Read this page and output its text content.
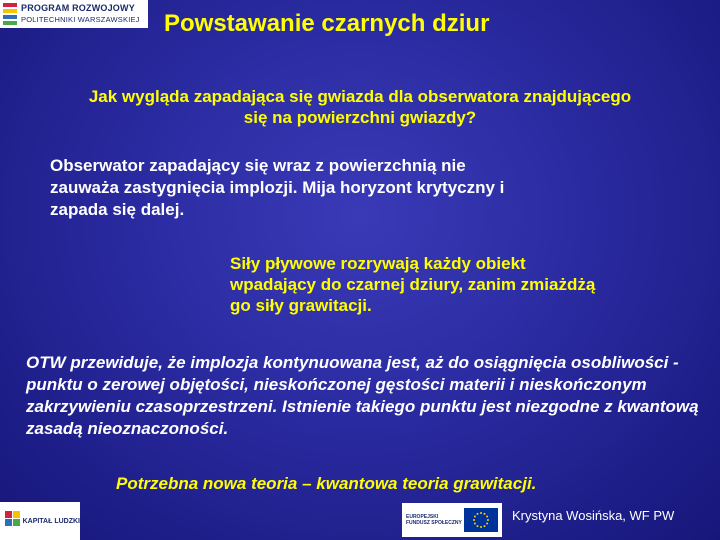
PROGRAM ROZWOJOWY
POLITECHNIKI WARSZAWSKIEJ Powstawanie czarnych dziur
Jak wygląda zapadająca się gwiazda dla obserwatora znajdującego się na powierzchni gwiazdy?
Obserwator zapadający się wraz z powierzchnią nie zauważa zastygnięcia implozji. Mija horyzont krytyczny i zapada się dalej.
Siły pływowe rozrywają każdy obiekt wpadający do czarnej dziury, zanim zmiażdżą go siły grawitacji.
OTW przewiduje, że implozja kontynuowana jest, aż do osiągnięcia osobliwości - punktu o zerowej objętości, nieskończonej gęstości materii i nieskończonym zakrzywieniu czasoprzestrzeni. Istnienie takiego punktu jest niezgodne z kwantową zasadą nieoznaczoności.
Potrzebna nowa teoria – kwantowa teoria grawitacji.
KAPITAŁ LUDZKI
EUROPEJSKI
FUNDUSZ SPOŁECZNY	Krystyna Wosińska, WF PW
